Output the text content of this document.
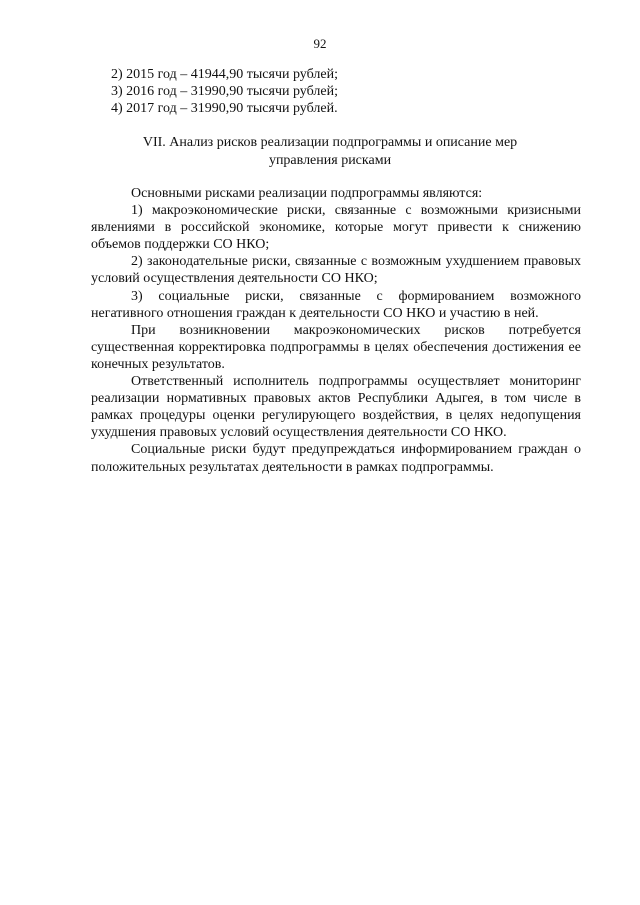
92
2) 2015 год – 41944,90 тысячи рублей;
3) 2016 год – 31990,90 тысячи рублей;
4) 2017 год – 31990,90 тысячи рублей.
VII. Анализ рисков реализации подпрограммы и описание мер
управления рисками

Основными рисками реализации подпрограммы являются:

1) макроэкономические риски, связанные с возможными кризисными явлениями в российской экономике, которые могут привести к снижению объемов поддержки СО НКО;

2) законодательные риски, связанные с возможным ухудшением правовых условий осуществления деятельности СО НКО;

3) социальные риски, связанные с формированием возможного негативного отношения граждан к деятельности СО НКО и участию в ней.

При возникновении макроэкономических рисков потребуется существенная корректировка подпрограммы в целях обеспечения достижения ее конечных результатов.

Ответственный исполнитель подпрограммы осуществляет мониторинг реализации нормативных правовых актов Республики Адыгея, в том числе в рамках процедуры оценки регулирующего воздействия, в целях недопущения ухудшения правовых условий осуществления деятельности СО НКО.

Социальные риски будут предупреждаться информированием граждан о положительных результатах деятельности в рамках подпрограммы.
